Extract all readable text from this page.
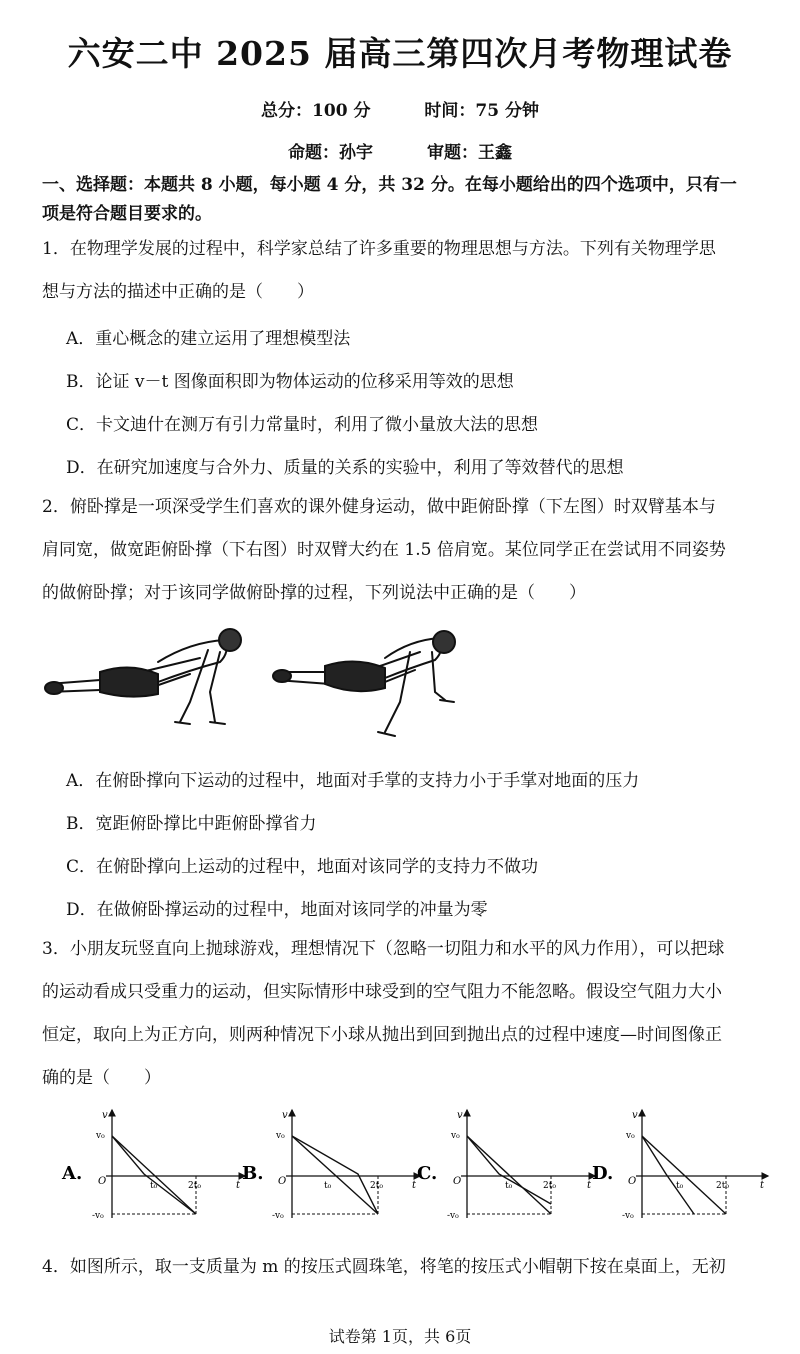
六安二中 2025 届高三第四次月考物理试卷
总分：100 分	时间：75 分钟
命题：孙宇	审题：王鑫
一、选择题：本题共 8 小题，每小题 4 分，共 32 分。在每小题给出的四个选项中，只有一
项是符合题目要求的。
1．在物理学发展的过程中，科学家总结了许多重要的物理思想与方法。下列有关物理学思
想与方法的描述中正确的是（　　）
A．重心概念的建立运用了理想模型法
B．论证 v－t 图像面积即为物体运动的位移采用等效的思想
C．卡文迪什在测万有引力常量时，利用了微小量放大法的思想
D．在研究加速度与合外力、质量的关系的实验中，利用了等效替代的思想
2．俯卧撑是一项深受学生们喜欢的课外健身运动，做中距俯卧撑（下左图）时双臂基本与
肩同宽，做宽距俯卧撑（下右图）时双臂大约在 1.5 倍肩宽。某位同学正在尝试用不同姿势
的做俯卧撑；对于该同学做俯卧撑的过程，下列说法中正确的是（　　）
A．在俯卧撑向下运动的过程中，地面对手掌的支持力小于手掌对地面的压力
B．宽距俯卧撑比中距俯卧撑省力
C．在俯卧撑向上运动的过程中，地面对该同学的支持力不做功
D．在做俯卧撑运动的过程中，地面对该同学的冲量为零
3．小朋友玩竖直向上抛球游戏，理想情况下（忽略一切阻力和水平的风力作用），可以把球
的运动看成只受重力的运动，但实际情形中球受到的空气阻力不能忽略。假设空气阻力大小
恒定，取向上为正方向，则两种情况下小球从抛出到回到抛出点的过程中速度—时间图像正
确的是（　　）
A.
v
v₀
O
-v₀
t₀	2t₀	t
B.
v
v₀
O
-v₀
t₀	2t₀	t
C.
v
v₀
O
-v₀
t₀	2t₀	t
D.
v
v₀
O
-v₀
t₀	2t₀	t
4．如图所示，取一支质量为 m 的按压式圆珠笔，将笔的按压式小帽朝下按在桌面上，无初
试卷第 1页，共 6页
